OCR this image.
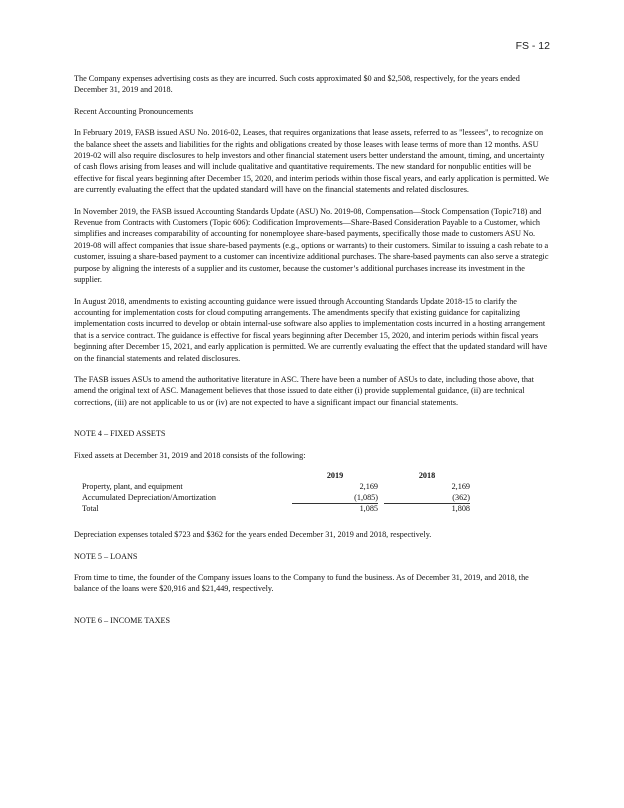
FS - 12

The Company expenses advertising costs as they are incurred. Such costs approximated $0 and $2,508, respectively, for the years ended December 31, 2019 and 2018.

Recent Accounting Pronouncements

In February 2019, FASB issued ASU No. 2016-02, Leases, that requires organizations that lease assets, referred to as "lessees", to recognize on the balance sheet the assets and liabilities for the rights and obligations created by those leases with lease terms of more than 12 months. ASU 2019-02 will also require disclosures to help investors and other financial statement users better understand the amount, timing, and uncertainty of cash flows arising from leases and will include qualitative and quantitative requirements. The new standard for nonpublic entities will be effective for fiscal years beginning after December 15, 2020, and interim periods within those fiscal years, and early application is permitted. We are currently evaluating the effect that the updated standard will have on the financial statements and related disclosures.

In November 2019, the FASB issued Accounting Standards Update (ASU) No. 2019-08, Compensation—Stock Compensation (Topic718) and Revenue from Contracts with Customers (Topic 606): Codification Improvements—Share-Based Consideration Payable to a Customer, which simplifies and increases comparability of accounting for nonemployee share-based payments, specifically those made to customers ASU No. 2019-08 will affect companies that issue share-based payments (e.g., options or warrants) to their customers. Similar to issuing a cash rebate to a customer, issuing a share-based payment to a customer can incentivize additional purchases. The share-based payments can also serve a strategic purpose by aligning the interests of a supplier and its customer, because the customer’s additional purchases increase its investment in the supplier.

In August 2018, amendments to existing accounting guidance were issued through Accounting Standards Update 2018-15 to clarify the accounting for implementation costs for cloud computing arrangements. The amendments specify that existing guidance for capitalizing implementation costs incurred to develop or obtain internal-use software also applies to implementation costs incurred in a hosting arrangement that is a service contract. The guidance is effective for fiscal years beginning after December 15, 2020, and interim periods within fiscal years beginning after December 15, 2021, and early application is permitted. We are currently evaluating the effect that the updated standard will have on the financial statements and related disclosures.

The FASB issues ASUs to amend the authoritative literature in ASC. There have been a number of ASUs to date, including those above, that amend the original text of ASC. Management believes that those issued to date either (i) provide supplemental guidance, (ii) are technical corrections, (iii) are not applicable to us or (iv) are not expected to have a significant impact our financial statements.

NOTE 4 – FIXED ASSETS

Fixed assets at December 31, 2019 and 2018 consists of the following:

	2019		2018
Property, plant, and equipment	2,169		2,169
Accumulated Depreciation/Amortization	(1,085)		(362)
Total	1,085		1,808

Depreciation expenses totaled $723 and $362 for the years ended December 31, 2019 and 2018, respectively.

NOTE 5 – LOANS

From time to time, the founder of the Company issues loans to the Company to fund the business. As of December 31, 2019, and 2018, the balance of the loans were $20,916 and $21,449, respectively.

NOTE 6 – INCOME TAXES
